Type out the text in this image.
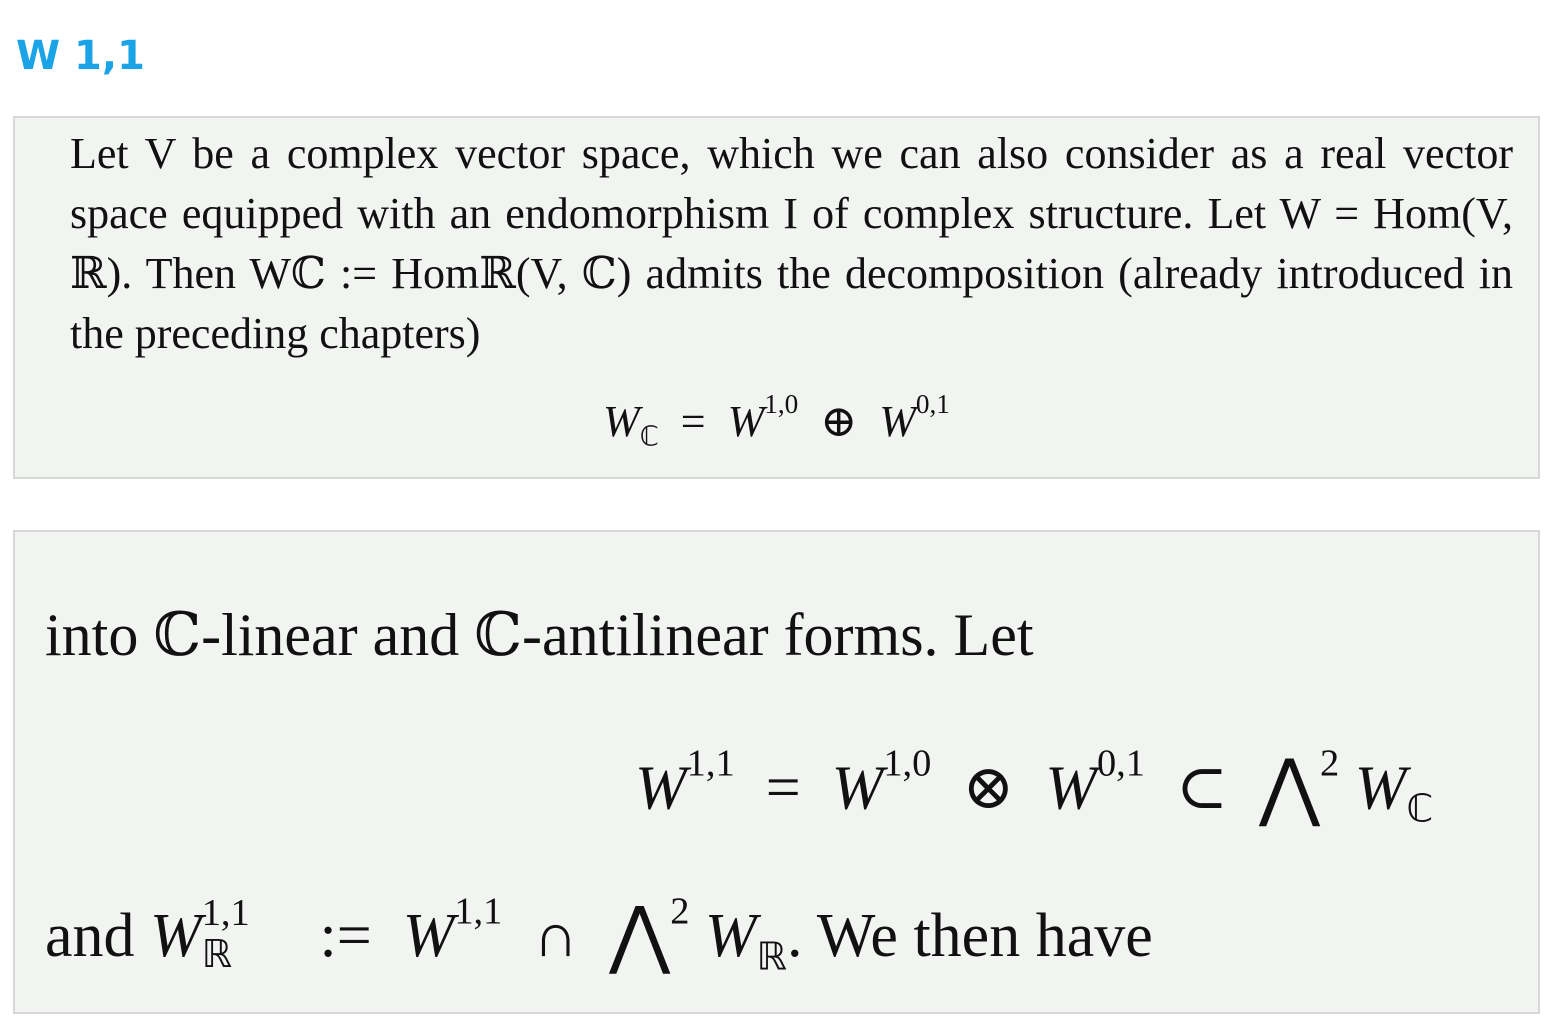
W 1,1

Let V be a complex vector space, which we can also consider as a real vector space equipped with an endomorphism I of complex structure. Let W = Hom(V, ℝ). Then Wℂ := Homℝ(V, ℂ) admits the decomposition (already introduced in the preceding chapters)

$W_ℂ = W^{1,0}$ ⊕ W$^{0,1}$

into ℂ-linear and ℂ-antilinear forms. Let

W$^{1,1}$ = W$^{1,0}$ ⊗ W$^{0,1}$ ⊂ ⋀$^2$ $W_ℂ$

and W 1,1
ℝ := W$^{1,1}$ ∩ ⋀$^2$ $W_ℝ$. We then have
